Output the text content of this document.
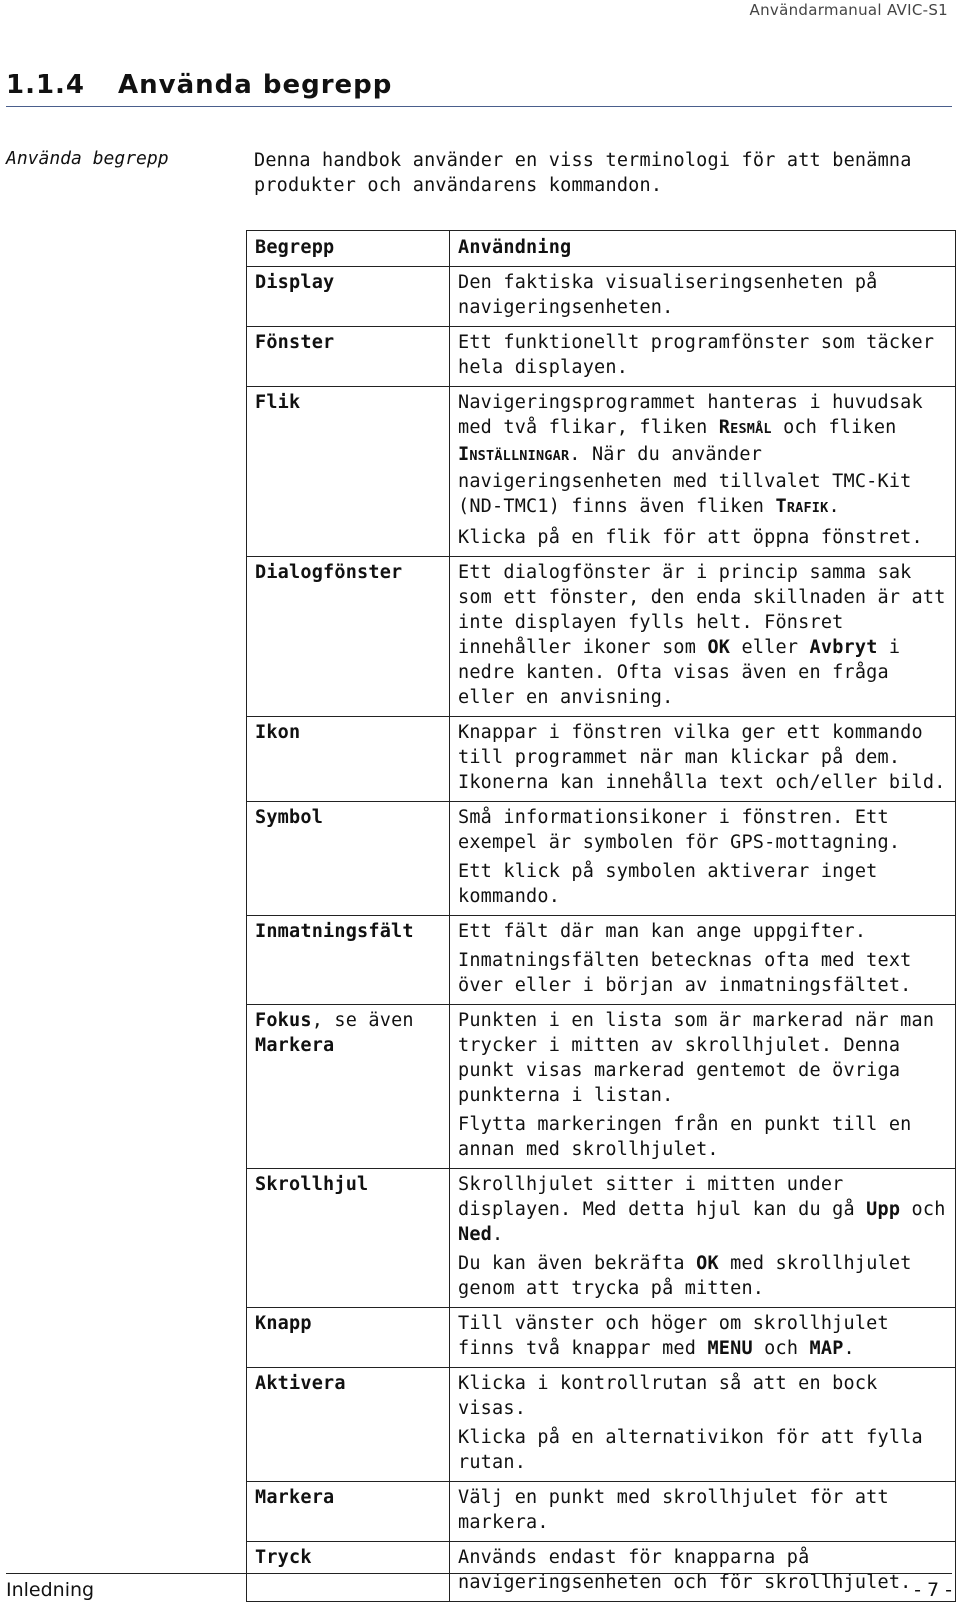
Användarmanual AVIC-S1
1.1.4 Använda begrepp
Använda begrepp	Denna handbok använder en viss terminologi för att benämna produkter och användarens kommandon.
Begrepp	Användning
Display	Den faktiska visualiseringsenheten på navigeringsenheten.

Fönster	Ett funktionellt programfönster som täcker hela displayen.

Flik	Navigeringsprogrammet hanteras i huvudsak med två flikar, fliken RESMÅL och fliken INSTÄLLNINGAR. När du använder navigeringsenheten med tillvalet TMC-Kit (ND-TMC1) finns även fliken TRAFIK.
Klicka på en flik för att öppna fönstret.

Dialogfönster	Ett dialogfönster är i princip samma sak som ett fönster, den enda skillnaden är att inte displayen fylls helt. Fönsret innehåller ikoner som OK eller Avbryt i nedre kanten. Ofta visas även en fråga eller en anvisning.

Ikon	Knappar i fönstren vilka ger ett kommando till programmet när man klickar på dem. Ikonerna kan innehålla text och/eller bild.

Symbol	Små informationsikoner i fönstren. Ett exempel är symbolen för GPS-mottagning.
Ett klick på symbolen aktiverar inget kommando.

Inmatningsfält	Ett fält där man kan ange uppgifter.
Inmatningsfälten betecknas ofta med text över eller i början av inmatningsfältet.

Fokus, se även
Markera	Punkten i en lista som är markerad när man trycker i mitten av skrollhjulet. Denna punkt visas markerad gentemot de övriga punkterna i listan.
Flytta markeringen från en punkt till en annan med skrollhjulet.

Skrollhjul	Skrollhjulet sitter i mitten under displayen. Med detta hjul kan du gå Upp och Ned.
Du kan även bekräfta OK med skrollhjulet genom att trycka på mitten.

Knapp	Till vänster och höger om skrollhjulet finns två knappar med MENU och MAP.

Aktivera	Klicka i kontrollrutan så att en bock visas.
Klicka på en alternativikon för att fylla rutan.

Markera	Välj en punkt med skrollhjulet för att markera.

Tryck	Används endast för knapparna på navigeringsenheten och för skrollhjulet.
Inledning	- 7 -
